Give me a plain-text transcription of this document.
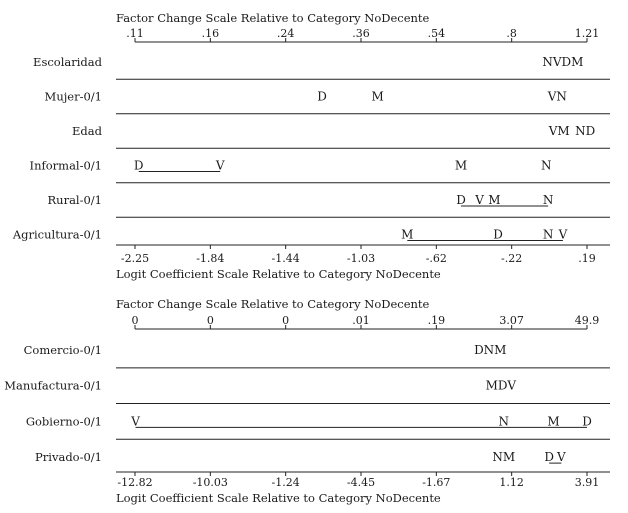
Factor Change Scale Relative to Category NoDecente
.11	.16	.24	.36	.54	.8	1.21
Escolaridad	NVDM
Mujer-0/1	D	M	VN
Edad	VM ND
Informal-0/1	D	V	M	N
Rural-0/1	D V M	N
Agricultura-0/1	M	D	N V
-2.25	-1.84	-1.44	-1.03	-.62	-.22	.19
Logit Coefficient Scale Relative to Category NoDecente
Factor Change Scale Relative to Category NoDecente
0	0	0	.01	.19	3.07	49.9
Comercio-0/1	DNM
Manufactura-0/1	MDV
Gobierno-0/1 V	N	M D
Privado-0/1	NM D V
-12.82	-10.03	-1.24	-4.45	-1.67	1.12	3.91
Logit Coefficient Scale Relative to Category NoDecente
